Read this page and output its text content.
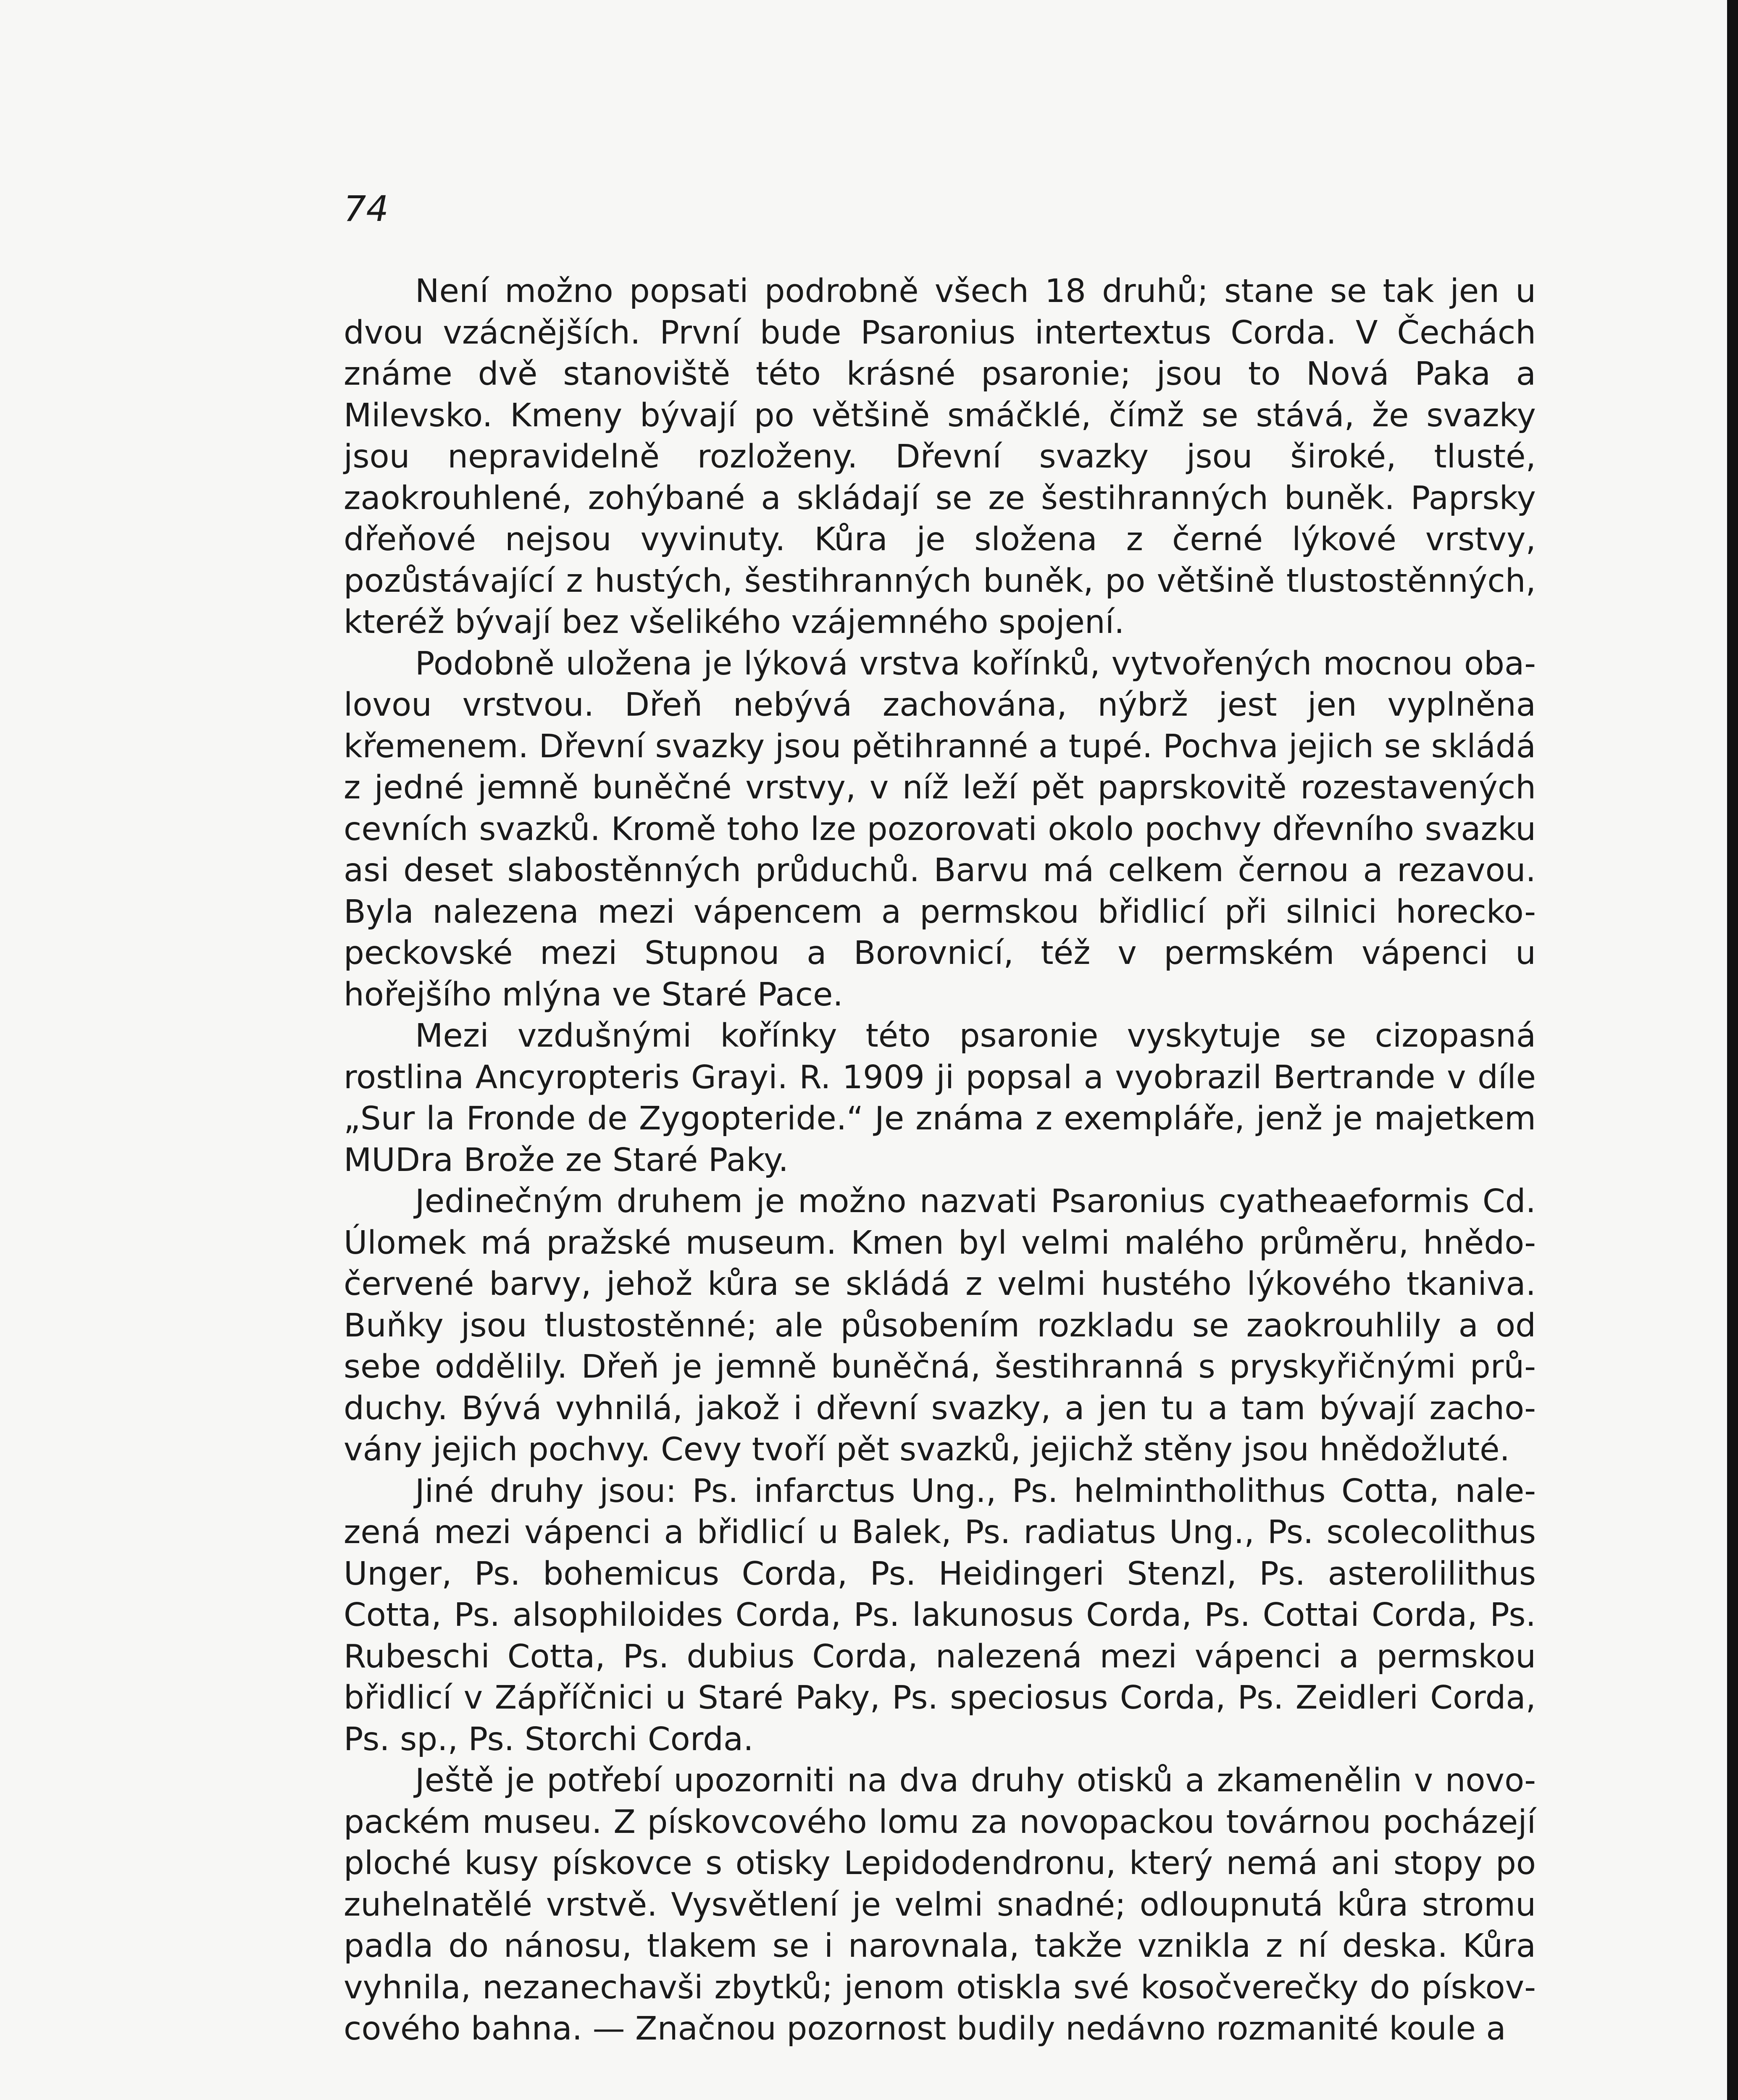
74

Není možno popsati podrobně všech 18 druhů; stane se tak jen u dvou vzácnějších. První bude Psaronius intertextus Corda. V Čechách známe dvě stanoviště této krásné psaronie; jsou to Nová Paka a Milevsko. Kmeny bývají po většině smáčklé, čímž se stává, že svazky jsou nepravidelně rozloženy. Dřevní svazky jsou široké, tlusté, zaokrouhlené, zohýbané a skládají se ze šestihranných buněk. Paprsky dřeňové nejsou vyvinuty. Kůra je složena z černé lýkové vrstvy, pozůstávající z hustých, šestihranných buněk, po většině tlustostěnných, kteréž bývají bez všelikého vzájemného spojení.

Podobně uložena je lýková vrstva kořínků, vytvořených mocnou obalovou vrstvou. Dřeň nebývá zachována, nýbrž jest jen vyplněna křemenem. Dřevní svazky jsou pětihranné a tupé. Pochva jejich se skládá z jedné jemně buněčné vrstvy, v níž leží pět paprskovitě rozestavených cevních svazků. Kromě toho lze pozorovati okolo pochvy dřevního svazku asi deset slabostěnných průduchů. Barvu má celkem černou a rezavou. Byla nalezena mezi vápencem a permskou břidlicí při silnici horecko-peckovské mezi Stupnou a Borovnicí, též v permském vápenci u hořejšího mlýna ve Staré Pace.

Mezi vzdušnými kořínky této psaronie vyskytuje se cizopasná rostlina Ancyropteris Grayi. R. 1909 ji popsal a vyobrazil Bertrande v díle „Sur la Fronde de Zygopteride.“ Je známa z exempláře, jenž je majetkem MUDra Brože ze Staré Paky.

Jedinečným druhem je možno nazvati Psaronius cyatheaeformis Cd. Úlomek má pražské museum. Kmen byl velmi malého průměru, hnědočervené barvy, jehož kůra se skládá z velmi hustého lýkového tkaniva. Buňky jsou tlustostěnné; ale působením rozkladu se zaokrouhlily a od sebe oddělily. Dřeň je jemně buněčná, šestihranná s pryskyřičnými průduchy. Bývá vyhnilá, jakož i dřevní svazky, a jen tu a tam bývají zachovány jejich pochvy. Cevy tvoří pět svazků, jejichž stěny jsou hnědožluté.

Jiné druhy jsou: Ps. infarctus Ung., Ps. helmintholithus Cotta, nalezená mezi vápenci a břidlicí u Balek, Ps. radiatus Ung., Ps. scolecolithus Unger, Ps. bohemicus Corda, Ps. Heidingeri Stenzl, Ps. asterolilithus Cotta, Ps. alsophiloides Corda, Ps. lakunosus Corda, Ps. Cottai Corda, Ps. Rubeschi Cotta, Ps. dubius Corda, nalezená mezi vápenci a permskou břidlicí v Zápříčnici u Staré Paky, Ps. speciosus Corda, Ps. Zeidleri Corda, Ps. sp., Ps. Storchi Corda.

Ještě je potřebí upozorniti na dva druhy otisků a zkamenělin v novopackém museu. Z pískovcového lomu za novopackou továrnou pocházejí ploché kusy pískovce s otisky Lepidodendronu, který nemá ani stopy po zuhelnatělé vrstvě. Vysvětlení je velmi snadné; odloupnutá kůra stromu padla do nánosu, tlakem se i narovnala, takže vznikla z ní deska. Kůra vyhnila, nezanechavši zbytků; jenom otiskla své kosočverečky do pískovcového bahna. — Značnou pozornost budily nedávno rozmanité koule a
